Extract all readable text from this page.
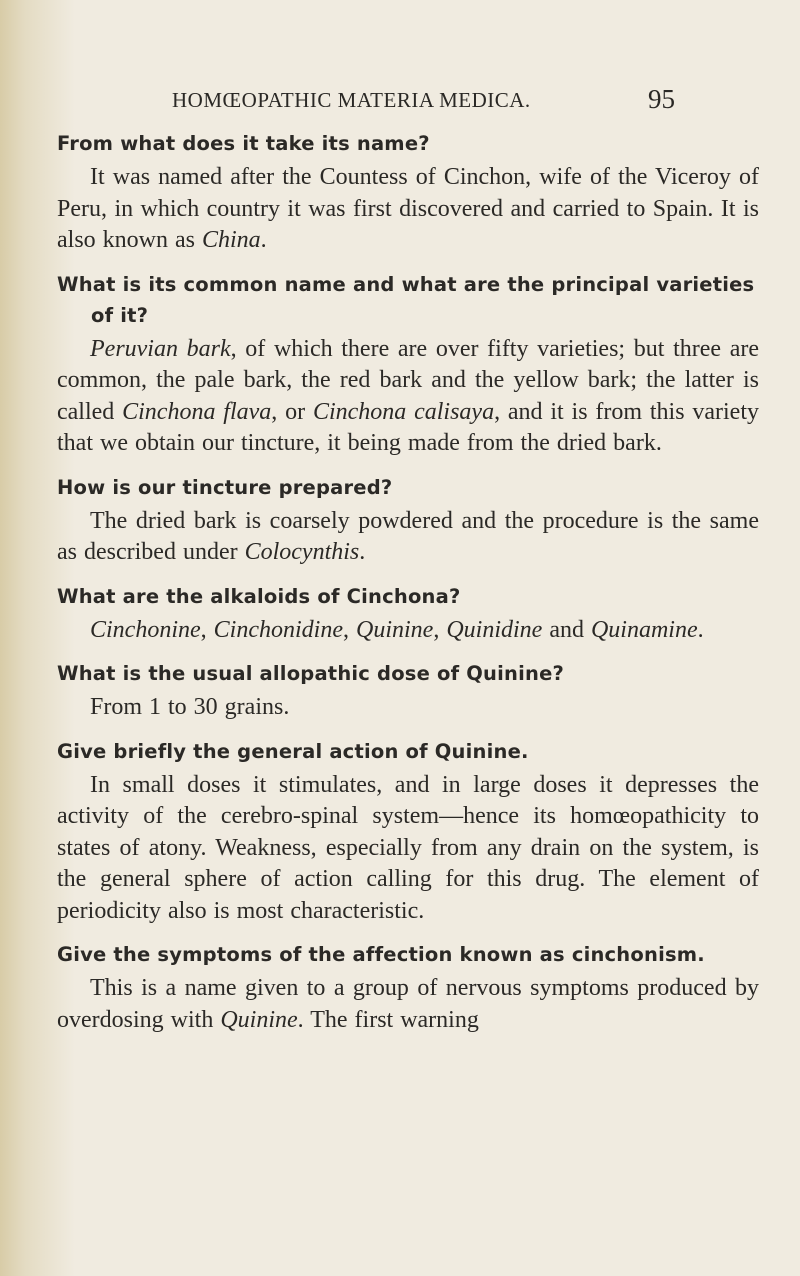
HOMŒOPATHIC MATERIA MEDICA.	95

From what does it take its name?

It was named after the Countess of Cinchon, wife of the Viceroy of Peru, in which country it was first discovered and carried to Spain. It is also known as China.

What is its common name and what are the principal varieties of it?

Peruvian bark, of which there are over fifty varieties; but three are common, the pale bark, the red bark and the yellow bark; the latter is called Cinchona flava, or Cinchona calisaya, and it is from this variety that we obtain our tincture, it being made from the dried bark.

How is our tincture prepared?

The dried bark is coarsely powdered and the procedure is the same as described under Colocynthis.

What are the alkaloids of Cinchona?

Cinchonine, Cinchonidine, Quinine, Quinidine and Quinamine.

What is the usual allopathic dose of Quinine?

From 1 to 30 grains.

Give briefly the general action of Quinine.

In small doses it stimulates, and in large doses it depresses the activity of the cerebro-spinal system—hence its homœopathicity to states of atony. Weakness, especially from any drain on the system, is the general sphere of action calling for this drug. The element of periodicity also is most characteristic.

Give the symptoms of the affection known as cinchonism.

This is a name given to a group of nervous symptoms produced by overdosing with Quinine. The first warning
